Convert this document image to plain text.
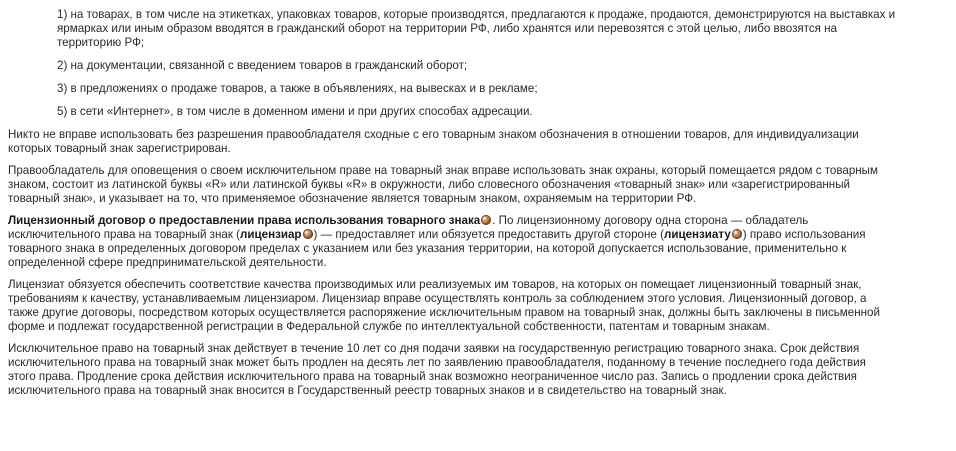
1) на товарах, в том числе на этикетках, упаковках товаров, которые производятся, предлагаются к продаже, продаются, демонстрируются на выставках и ярмарках или иным образом вводятся в гражданский оборот на территории РФ, либо хранятся или перевозятся с этой целью, либо ввозятся на территорию РФ;
2) на документации, связанной с введением товаров в гражданский оборот;
3) в предложениях о продаже товаров, а также в объявлениях, на вывесках и в рекламе;
5) в сети «Интернет», в том числе в доменном имени и при других способах адресации.

Никто не вправе использовать без разрешения правообладателя сходные с его товарным знаком обозначения в отношении товаров, для индивидуализации которых товарный знак зарегистрирован.

Правообладатель для оповещения о своем исключительном праве на товарный знак вправе использовать знак охраны, который помещается рядом с товарным знаком, состоит из латинской буквы «R» или латинской буквы «R» в окружности, либо словесного обозначения «товарный знак» или «зарегистрированный товарный знак», и указывает на то, что применяемое обозначение является товарным знаком, охраняемым на территории РФ.

Лицензионный договор о предоставлении права использования товарного знака . По лицензионному договору одна сторона — обладатель исключительного права на товарный знак (лицензиар ) — предоставляет или обязуется предоставить другой стороне (лицензиату ) право использования товарного знака в определенных договором пределах с указанием или без указания территории, на которой допускается использование, применительно к определенной сфере предпринимательской деятельности.

Лицензиат обязуется обеспечить соответствие качества производимых или реализуемых им товаров, на которых он помещает лицензионный товарный знак, требованиям к качеству, устанавливаемым лицензиаром. Лицензиар вправе осуществлять контроль за соблюдением этого условия. Лицензионный договор, а также другие договоры, посредством которых осуществляется распоряжение исключительным правом на товарный знак, должны быть заключены в письменной форме и подлежат государственной регистрации в Федеральной службе по интеллектуальной собственности, патентам и товарным знакам.

Исключительное право на товарный знак действует в течение 10 лет со дня подачи заявки на государственную регистрацию товарного знака. Срок действия исключительного права на товарный знак может быть продлен на десять лет по заявлению правообладателя, поданному в течение последнего года действия этого права. Продление срока действия исключительного права на товарный знак возможно неограниченное число раз. Запись о продлении срока действия исключительного права на товарный знак вносится в Государственный реестр товарных знаков и в свидетельство на товарный знак.
